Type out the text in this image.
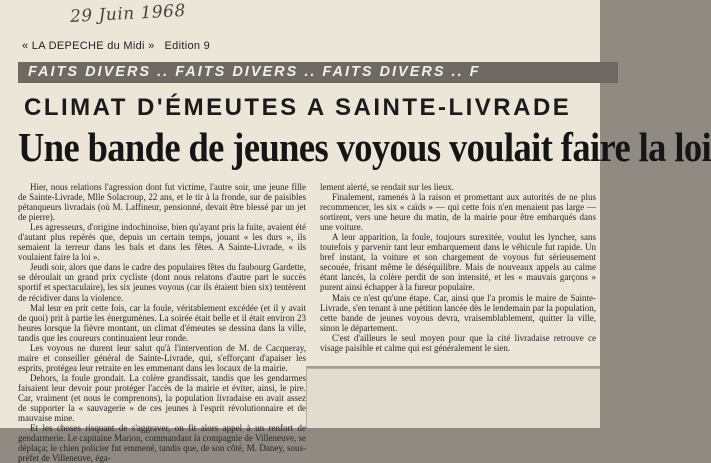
29 Juin 1968
« LA DEPECHE du Midi » Edition 9
FAITS DIVERS .. FAITS DIVERS .. FAITS DIVERS .. F
CLIMAT D'ÉMEUTES A SAINTE-LIVRADE
Une bande de jeunes voyous voulait faire la loi

Hier, nous relations l'agression dont fut victime, l'autre soir, une jeune fille de Sainte-Livrade, Mlle Solacroup, 22 ans, et le tir à la fronde, sur de paisibles pétanqueurs livradais (où M. Laffineur, pensionné, devait être blessé par un jet de pierre).

Les agresseurs, d'origine indochinoise, bien qu'ayant pris la fuite, avaient été d'autant plus repérés que, depuis un certain temps, jouant « les durs », ils semaient la terreur dans les bals et dans les fêtes. A Sainte-Livrade, « ils voulaient faire la loi ».

Jeudi soir, alors que dans le cadre des populaires fêtes du faubourg Gardette, se déroulait un grand prix cycliste (dont nous relatons d'autre part le succès sportif et spectaculaire), les six jeunes voyous (car ils étaient bien six) tentèrent de récidiver dans la violence.

Mal leur en prit cette fois, car la foule, véritablement excédée (et il y avait de quoi) prit à partie les énergumènes. La soirée était belle et il était environ 23 heures lorsque la fièvre montant, un climat d'émeutes se dessina dans la ville, tandis que les coureurs continuaient leur ronde.

Les voyous ne durent leur salut qu'à l'intervention de M. de Cacqueray, maire et conseiller général de Sainte-Livrade, qui, s'efforçant d'apaiser les esprits, protégea leur retraite en les emmenant dans les locaux de la mairie.

Dehors, la foule grondait. La colère grandissait, tandis que les gendarmes faisaient leur devoir pour protéger l'accès de la mairie et éviter, ainsi, le pire. Car, vraiment (et nous le comprenons), la population livradaise en avait assez de supporter la « sauvagerie » de ces jeunes à l'esprit révolutionnaire et de mauvaise mine.

Et les choses risquant de s'aggraver, on fit alors appel à un renfort de gendarmerie. Le capitaine Marion, commandant la compagnie de Villeneuve, se déplaça; le chien policier fut emmené, tandis que, de son côté, M. Daney, sous-préfet de Villeneuve, éga-

lement alerté, se rendait sur les lieux.

Finalement, ramenés à la raison et promettant aux autorités de ne plus recommencer, les six « caïds » — qui cette fois n'en menaient pas large — sortirent, vers une heure du matin, de la mairie pour être embarqués dans une voiture.

A leur apparition, la foule, toujours surexitée, voulut les lyncher, sans toutefois y parvenir tant leur embarquement dans le véhicule fut rapide. Un bref instant, la voiture et son chargement de voyous fut sérieusement secouée, frisant même le déséquilibre. Mais de nouveaux appels au calme étant lancés, la colère perdit de son intensité, et les « mauvais garçons » purent ainsi échapper à la fureur populaire.

Mais ce n'est qu'une étape. Car, ainsi que l'a promis le maire de Sainte-Livrade, s'en tenant à une pétition lancée dès le lendemain par la population, cette bande de jeunes voyous devra, vraisemblablement, quitter la ville, sinon le département.

C'est d'ailleurs le seul moyen pour que la cité livradaise retrouve ce visage paisible et calme qui est généralement le sien.
